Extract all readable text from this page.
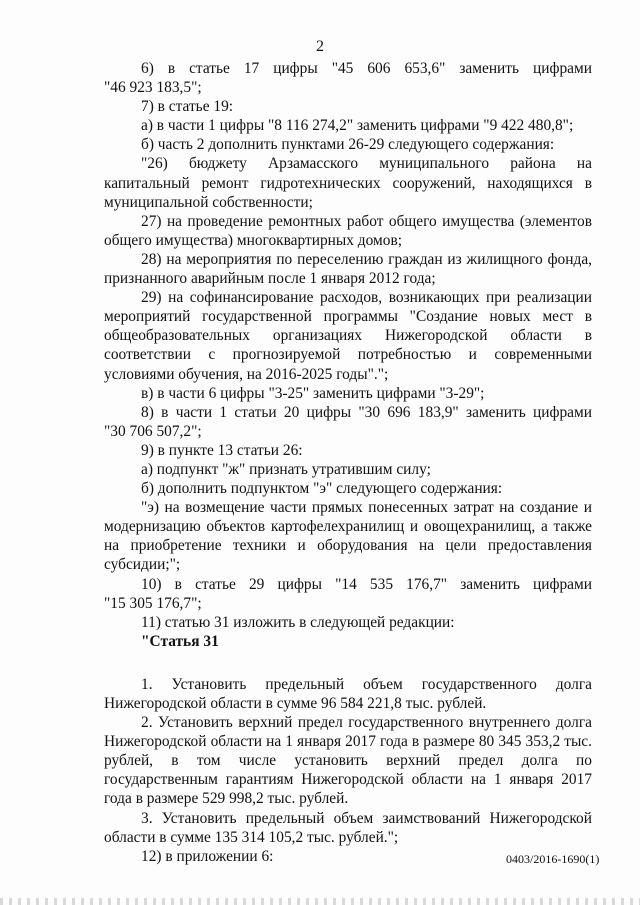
2

6) в статье 17 цифры "45 606 653,6" заменить цифрами

"46 923 183,5";

7) в статье 19:

а) в части 1 цифры "8 116 274,2" заменить цифрами "9 422 480,8";

б) часть 2 дополнить пунктами 26-29 следующего содержания:

"26) бюджету Арзамасского муниципального района на капитальный ремонт гидротехнических сооружений, находящихся в муниципальной собственности;

27) на проведение ремонтных работ общего имущества (элементов общего имущества) многоквартирных домов;

28) на мероприятия по переселению граждан из жилищного фонда, признанного аварийным после 1 января 2012 года;

29) на софинансирование расходов, возникающих при реализации мероприятий государственной программы "Создание новых мест в общеобразовательных организациях Нижегородской области в соответствии с прогнозируемой потребностью и современными условиями обучения, на 2016-2025 годы".";

в) в части 6 цифры "3-25" заменить цифрами "3-29";

8) в части 1 статьи 20 цифры "30 696 183,9" заменить цифрами

"30 706 507,2";

9) в пункте 13 статьи 26:

а) подпункт "ж" признать утратившим силу;

б) дополнить подпунктом "э" следующего содержания:

"э) на возмещение части прямых понесенных затрат на создание и модернизацию объектов картофелехранилищ и овощехранилищ, а также на приобретение техники и оборудования на цели предоставления субсидии;";

10) в статье 29 цифры "14 535 176,7" заменить цифрами

"15 305 176,7";

11) статью 31 изложить в следующей редакции:

"Статья 31

1. Установить предельный объем государственного долга Нижегородской области в сумме 96 584 221,8 тыс. рублей.

2. Установить верхний предел государственного внутреннего долга Нижегородской области на 1 января 2017 года в размере 80 345 353,2 тыс. рублей, в том числе установить верхний предел долга по государственным гарантиям Нижегородской области на 1 января 2017 года в размере 529 998,2 тыс. рублей.

3. Установить предельный объем заимствований Нижегородской области в сумме 135 314 105,2 тыс. рублей.";

12) в приложении 6:	0403/2016-1690(1)
